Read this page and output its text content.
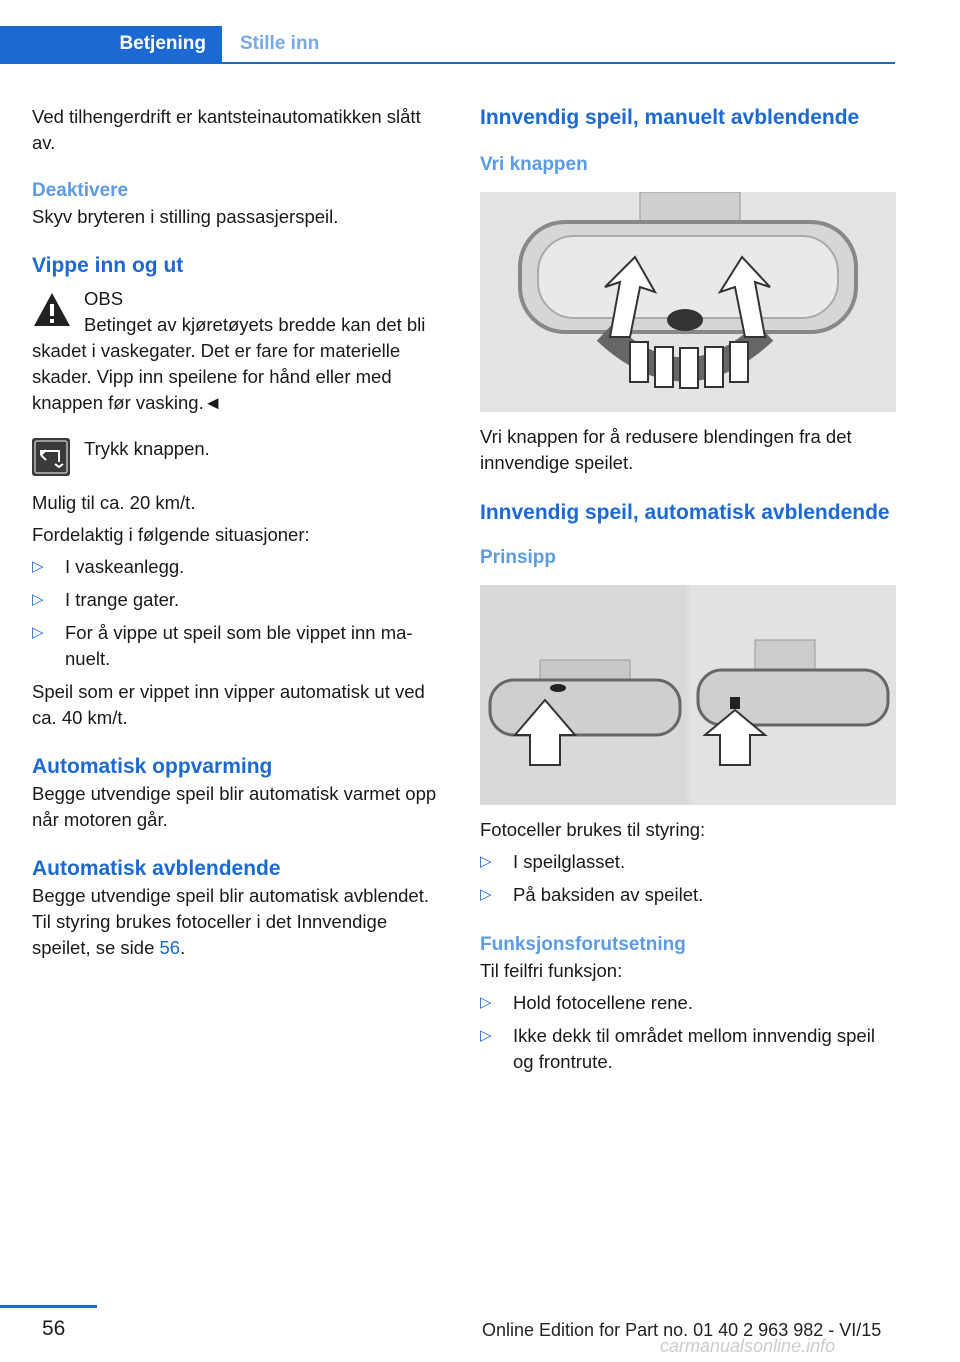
Betjening	Stille inn

Ved tilhengerdrift er kantsteinautomatikken slått av.

Deaktivere

Skyv bryteren i stilling passasjerspeil.

Vippe inn og ut

OBS

Betinget av kjøretøyets bredde kan det bli skadet i vaskegater. Det er fare for materielle skader. Vipp inn speilene for hånd eller med knappen før vasking.◄

Trykk knappen.

Mulig til ca. 20 km/t.

Fordelaktig i følgende situasjoner:

▷ I vaskeanlegg.
▷ I trange gater.
▷ For å vippe ut speil som ble vippet inn manuelt.

Speil som er vippet inn vipper automatisk ut ved ca. 40 km/t.

Automatisk oppvarming

Begge utvendige speil blir automatisk varmet opp når motoren går.

Automatisk avblendende

Begge utvendige speil blir automatisk avblendet. Til styring brukes fotoceller i det Innvendige speilet, se side 56.

Innvendig speil, manuelt avblendende

Vri knappen

Vri knappen for å redusere blendingen fra det innvendige speilet.

Innvendig speil, automatisk avblendende

Prinsipp

Fotoceller brukes til styring:

▷ I speilglasset.
▷ På baksiden av speilet.

Funksjonsforutsetning

Til feilfri funksjon:

▷ Hold fotocellene rene.
▷ Ikke dekk til området mellom innvendig speil og frontrute.
56	Online Edition for Part no. 01 40 2 963 982 - VI/15
carmanualsonline.info
